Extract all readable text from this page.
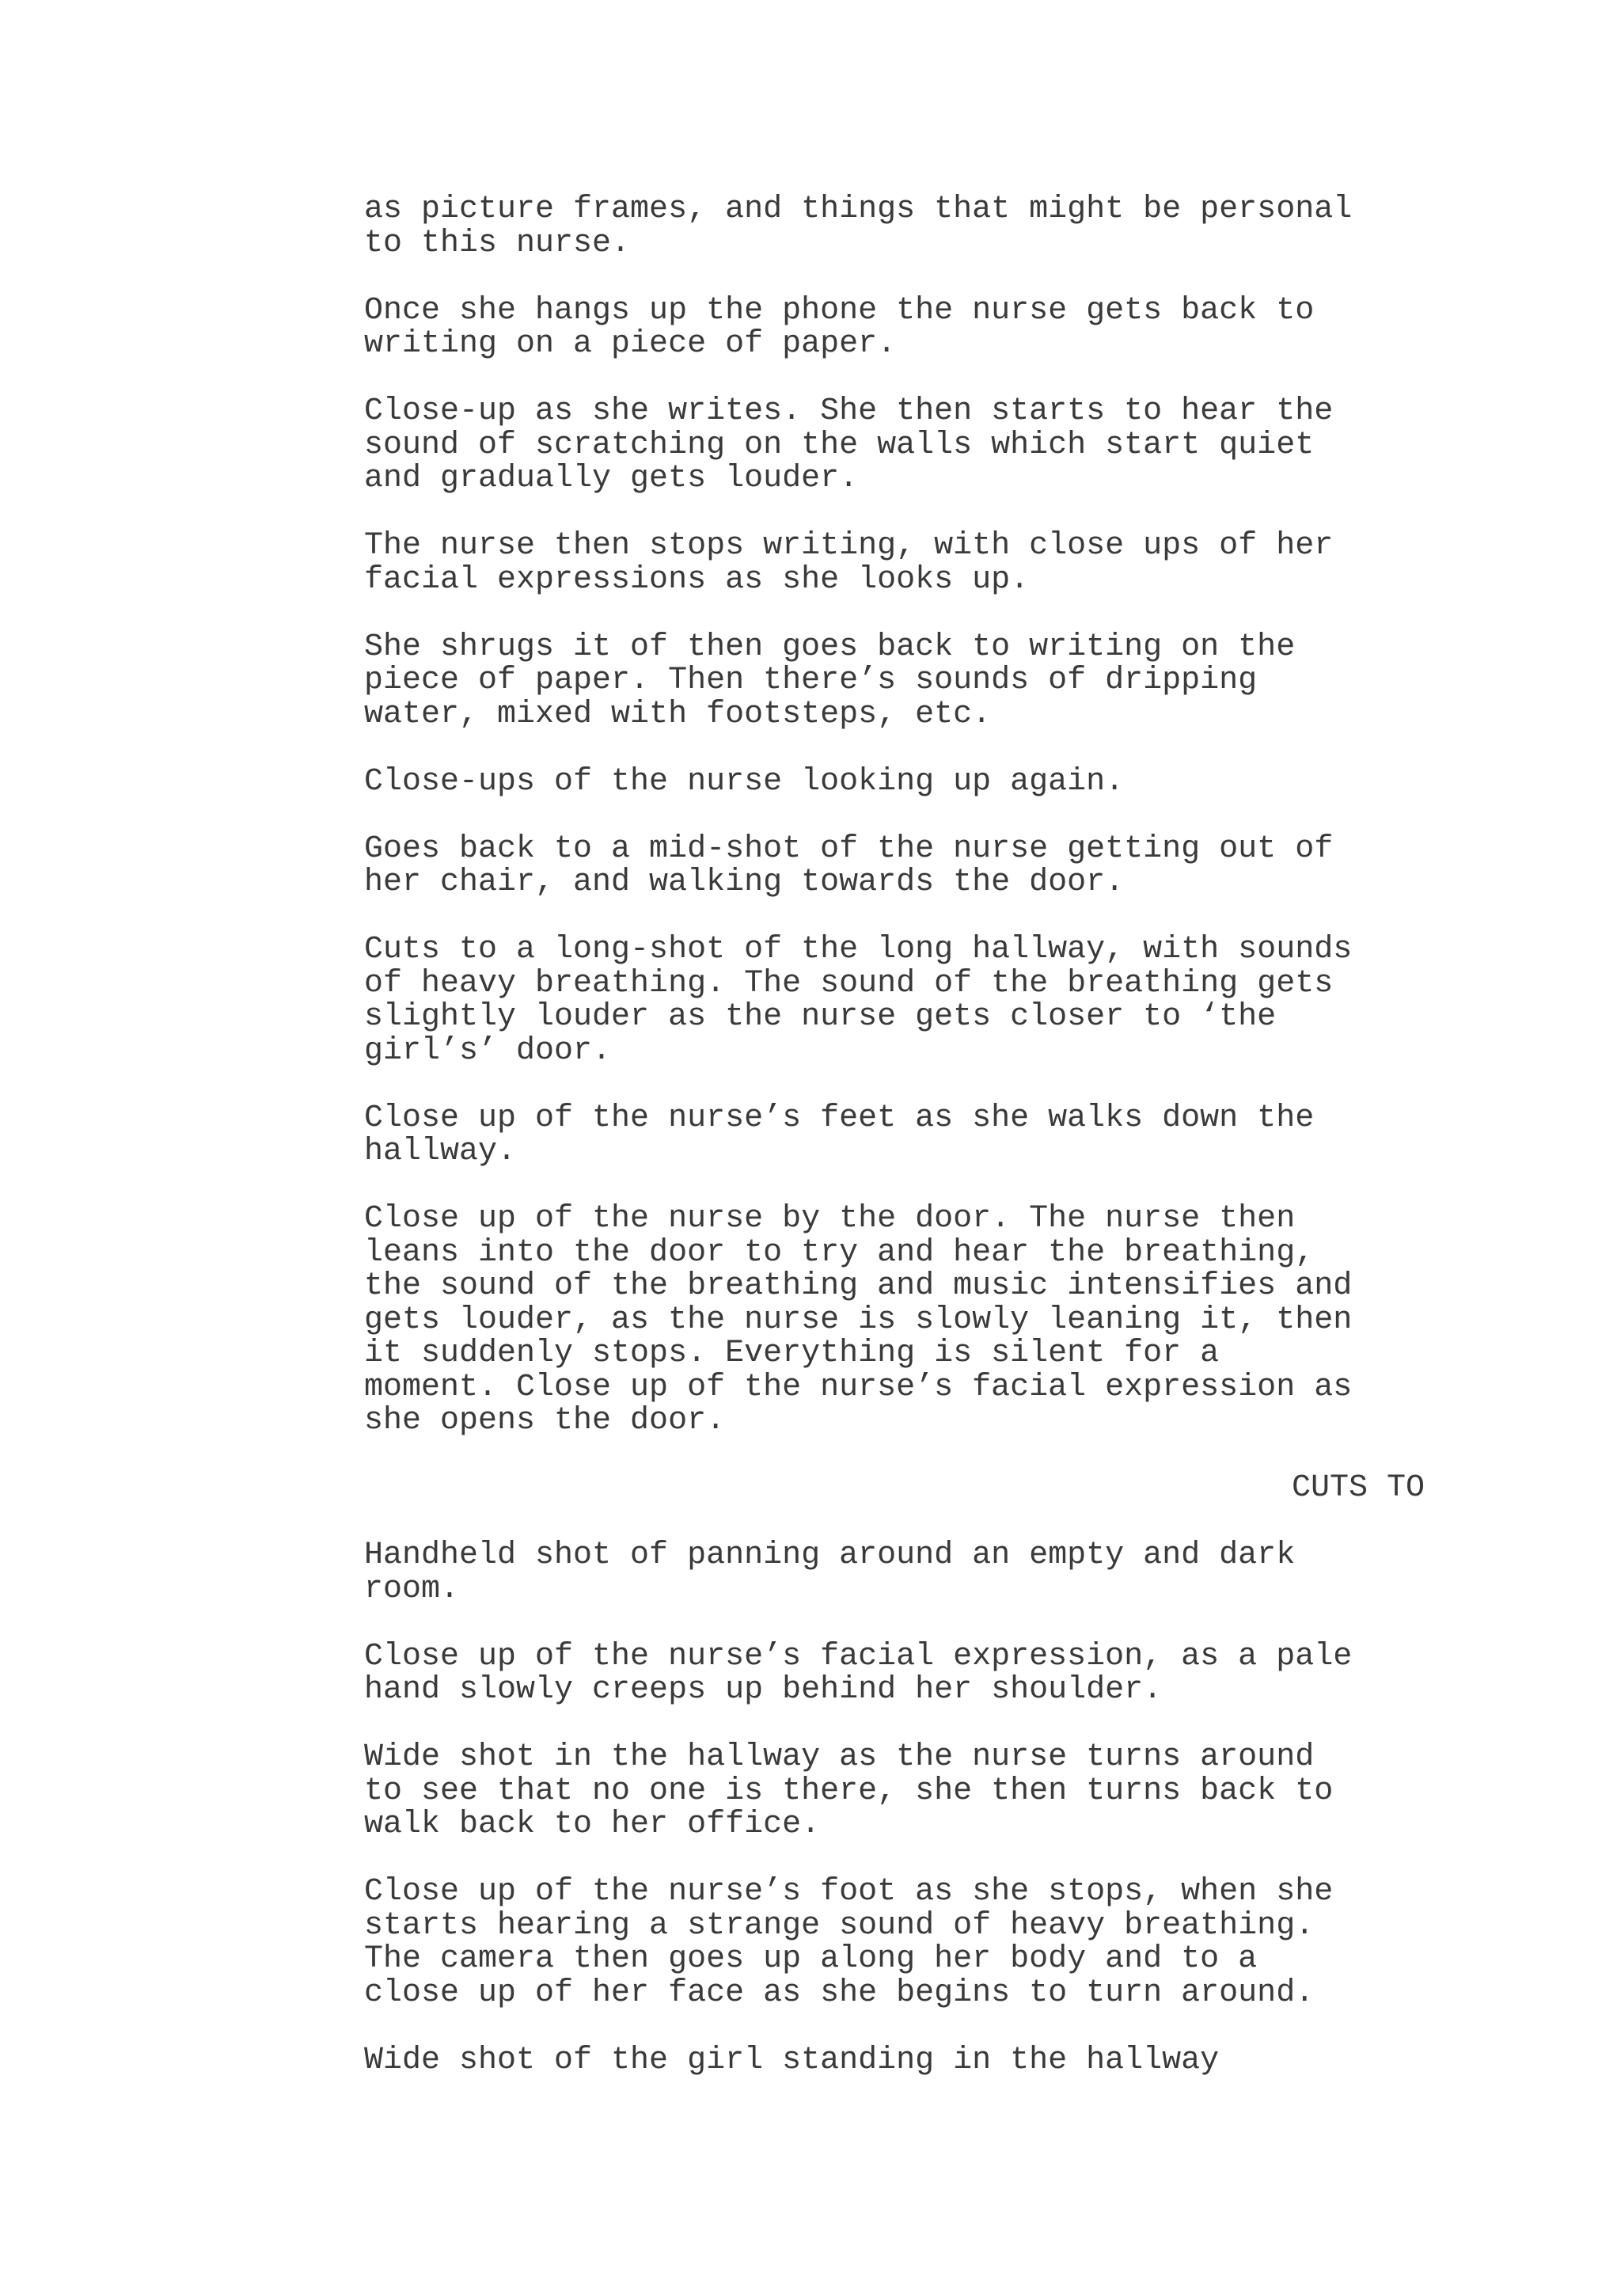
as picture frames, and things that might be personal
to this nurse.

Once she hangs up the phone the nurse gets back to
writing on a piece of paper.

Close-up as she writes. She then starts to hear the
sound of scratching on the walls which start quiet
and gradually gets louder.

The nurse then stops writing, with close ups of her
facial expressions as she looks up.

She shrugs it of then goes back to writing on the
piece of paper. Then there’s sounds of dripping
water, mixed with footsteps, etc.

Close-ups of the nurse looking up again.

Goes back to a mid-shot of the nurse getting out of
her chair, and walking towards the door.

Cuts to a long-shot of the long hallway, with sounds
of heavy breathing. The sound of the breathing gets
slightly louder as the nurse gets closer to ‘the
girl’s’ door.

Close up of the nurse’s feet as she walks down the
hallway.

Close up of the nurse by the door. The nurse then
leans into the door to try and hear the breathing,
the sound of the breathing and music intensifies and
gets louder, as the nurse is slowly leaning it, then
it suddenly stops. Everything is silent for a
moment. Close up of the nurse’s facial expression as
she opens the door.

CUTS TO

Handheld shot of panning around an empty and dark
room.

Close up of the nurse’s facial expression, as a pale
hand slowly creeps up behind her shoulder.

Wide shot in the hallway as the nurse turns around
to see that no one is there, she then turns back to
walk back to her office.

Close up of the nurse’s foot as she stops, when she
starts hearing a strange sound of heavy breathing.
The camera then goes up along her body and to a
close up of her face as she begins to turn around.

Wide shot of the girl standing in the hallway
